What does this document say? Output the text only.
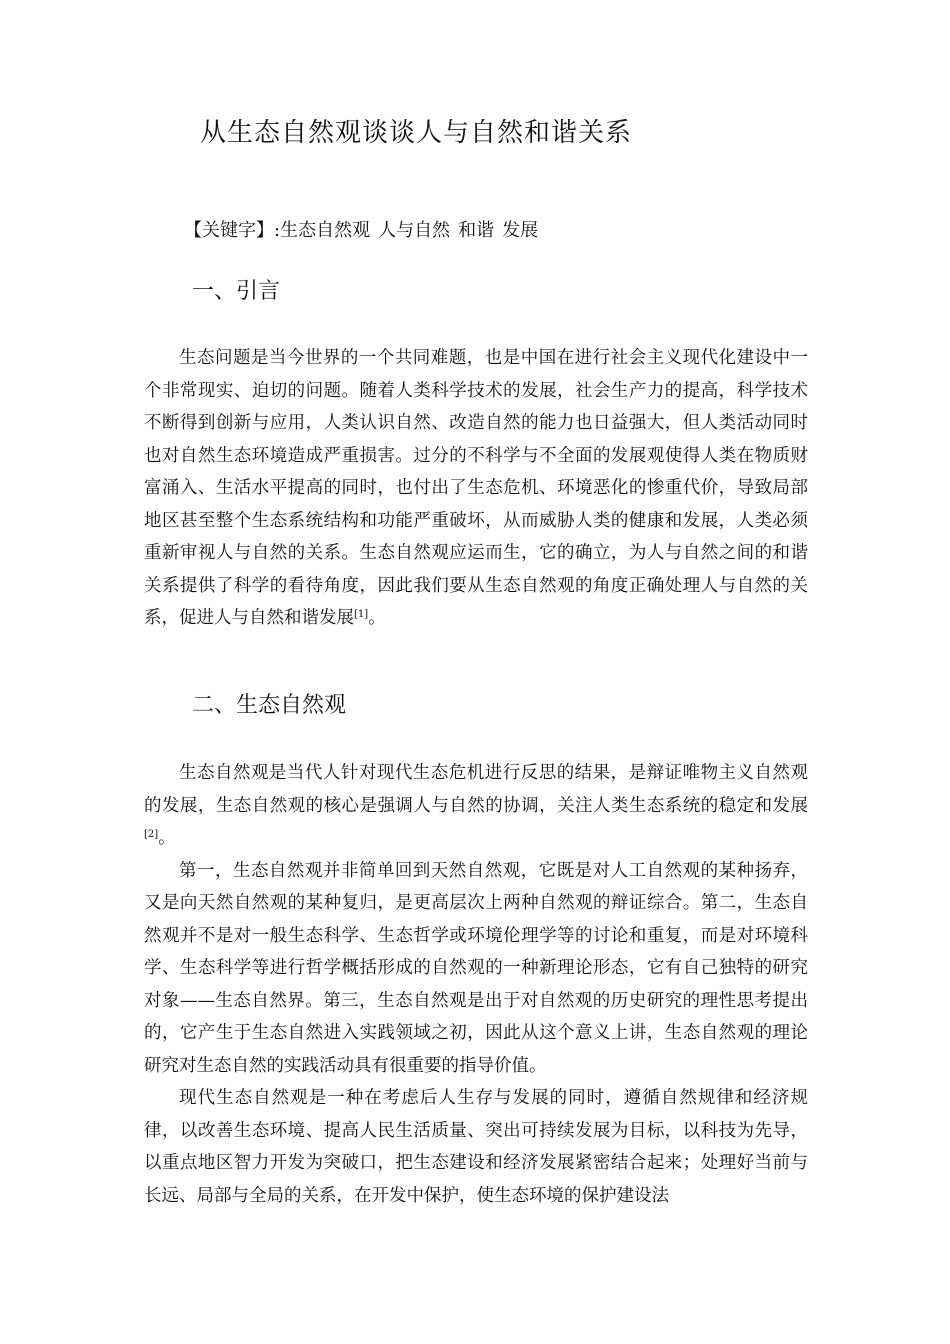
从生态自然观谈谈人与自然和谐关系
【关键字】:生态自然观 人与自然 和谐 发展
一、引言

生态问题是当今世界的一个共同难题，也是中国在进行社会主义现代化建设中一个非常现实、迫切的问题。随着人类科学技术的发展，社会生产力的提高，科学技术不断得到创新与应用，人类认识自然、改造自然的能力也日益强大，但人类活动同时也对自然生态环境造成严重损害。过分的不科学与不全面的发展观使得人类在物质财富涌入、生活水平提高的同时，也付出了生态危机、环境恶化的惨重代价，导致局部地区甚至整个生态系统结构和功能严重破坏，从而威胁人类的健康和发展，人类必须重新审视人与自然的关系。生态自然观应运而生，它的确立，为人与自然之间的和谐关系提供了科学的看待角度，因此我们要从生态自然观的角度正确处理人与自然的关系，促进人与自然和谐发展[1]。

二、生态自然观

生态自然观是当代人针对现代生态危机进行反思的结果，是辩证唯物主义自然观的发展，生态自然观的核心是强调人与自然的协调，关注人类生态系统的稳定和发展[2]。

第一，生态自然观并非简单回到天然自然观，它既是对人工自然观的某种扬弃，又是向天然自然观的某种复归，是更高层次上两种自然观的辩证综合。第二，生态自然观并不是对一般生态科学、生态哲学或环境伦理学等的讨论和重复，而是对环境科学、生态科学等进行哲学概括形成的自然观的一种新理论形态，它有自己独特的研究对象——生态自然界。第三，生态自然观是出于对自然观的历史研究的理性思考提出的，它产生于生态自然进入实践领域之初，因此从这个意义上讲，生态自然观的理论研究对生态自然的实践活动具有很重要的指导价值。

现代生态自然观是一种在考虑后人生存与发展的同时，遵循自然规律和经济规律，以改善生态环境、提高人民生活质量、突出可持续发展为目标，以科技为先导，以重点地区智力开发为突破口，把生态建设和经济发展紧密结合起来；处理好当前与长远、局部与全局的关系，在开发中保护，使生态环境的保护建设法
